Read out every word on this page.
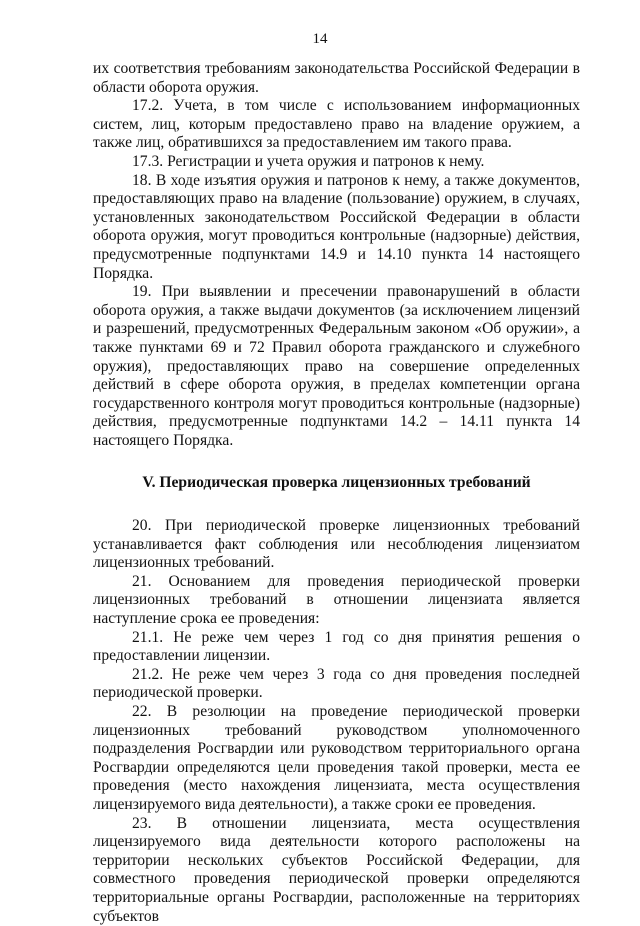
14

их соответствия требованиям законодательства Российской Федерации в области оборота оружия.

17.2. Учета, в том числе с использованием информационных систем, лиц, которым предоставлено право на владение оружием, а также лиц, обратившихся за предоставлением им такого права.

17.3. Регистрации и учета оружия и патронов к нему.

18. В ходе изъятия оружия и патронов к нему, а также документов, предоставляющих право на владение (пользование) оружием, в случаях, установленных законодательством Российской Федерации в области оборота оружия, могут проводиться контрольные (надзорные) действия, предусмотренные подпунктами 14.9 и 14.10 пункта 14 настоящего Порядка.

19. При выявлении и пресечении правонарушений в области оборота оружия, а также выдачи документов (за исключением лицензий и разрешений, предусмотренных Федеральным законом «Об оружии», а также пунктами 69 и 72 Правил оборота гражданского и служебного оружия), предоставляющих право на совершение определенных действий в сфере оборота оружия, в пределах компетенции органа государственного контроля могут проводиться контрольные (надзорные) действия, предусмотренные подпунктами 14.2 – 14.11 пункта 14 настоящего Порядка.

V. Периодическая проверка лицензионных требований

20. При периодической проверке лицензионных требований устанавливается факт соблюдения или несоблюдения лицензиатом лицензионных требований.

21. Основанием для проведения периодической проверки лицензионных требований в отношении лицензиата является наступление срока ее проведения:

21.1. Не реже чем через 1 год со дня принятия решения о предоставлении лицензии.

21.2. Не реже чем через 3 года со дня проведения последней периодической проверки.

22. В резолюции на проведение периодической проверки лицензионных требований руководством уполномоченного подразделения Росгвардии или руководством территориального органа Росгвардии определяются цели проведения такой проверки, места ее проведения (место нахождения лицензиата, места осуществления лицензируемого вида деятельности), а также сроки ее проведения.

23. В отношении лицензиата, места осуществления лицензируемого вида деятельности которого расположены на территории нескольких субъектов Российской Федерации, для совместного проведения периодической проверки определяются территориальные органы Росгвардии, расположенные на территориях субъектов
